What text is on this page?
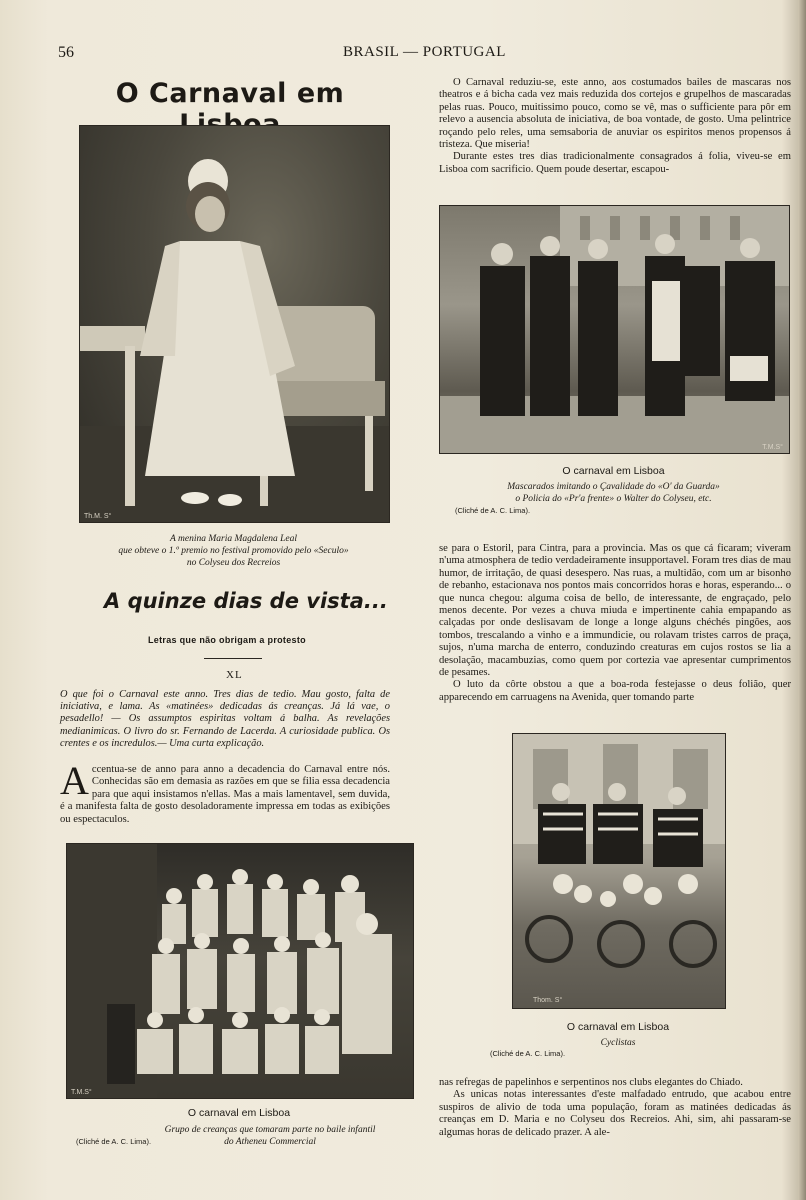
56	BRASIL — PORTUGAL
O Carnaval em
Th.M. S°
A menina Maria Magdalena Leal
que obteve o 1.º premio no festival promovido pelo «Seculo»
no Colyseu dos Recreios
A quinze dias de vista...
Letras que não obrigam a protesto
XL
O que foi o Carnaval este anno. Tres dias de tedio. Mau gosto, falta de iniciativa, e lama. As «matinées» dedicadas ás creanças. Já lá vae, o pesadello! — Os assumptos espiritas voltam á balha. As revelações medianimicas. O livro do sr. Fernando de Lacerda. A curiosidade publica. Os crentes e os incredulos.— Uma curta explicação.
Accentua-se de anno para anno a decadencia do Carnaval entre nós. Conhecidas são em demasia as razões em que se filia essa decadencia para que aqui insistamos n'ellas. Mas a mais lamentavel, sem duvida, é a manifesta falta de gosto desoladoramente impressa em todas as exibições ou espectaculos.
T.M.S°
O carnaval em Lisboa
Grupo de creanças que tomaram parte no baile infantil
do Atheneu Commercial
(Cliché de A. C. Lima).

O Carnaval reduziu-se, este anno, aos costumados bailes de mascaras nos theatros e á bicha cada vez mais reduzida dos cortejos e grupelhos de mascaradas pelas ruas. Pouco, muitissimo pouco, como se vê, mas o sufficiente para pôr em relevo a ausencia absoluta de iniciativa, de boa vontade, de gosto. Uma pelintrice roçando pelo reles, uma semsaboria de anuviar os espiritos menos propensos á tristeza. Que miseria!

Durante estes tres dias tradicionalmente consagrados á folia, viveu-se em Lisboa com sacrificio. Quem poude desertar, escapou-

T.M.S°
O carnaval em Lisboa
Mascarados imitando o Çavalidade do «O' da Guarda»
o Policia do «Pr'a frente» o Walter do Colyseu, etc.
(Cliché de A. C. Lima).

se para o Estoril, para Cintra, para a provincia. Mas os que cá ficaram; viveram n'uma atmosphera de tedio verdadeiramente insupportavel. Foram tres dias de mau humor, de irritação, de quasi desespero. Nas ruas, a multidão, com um ar bisonho de rebanho, estacionava nos pontos mais concorridos horas e horas, esperando... o que nunca chegou: alguma coisa de bello, de interessante, de engraçado, pelo menos decente. Por vezes a chuva miuda e impertinente cahia empapando as calçadas por onde deslisavam de longe a longe alguns chéchés pingões, aos tombos, trescalando a vinho e a immundicie, ou rolavam tristes carros de praça, sujos, n'uma marcha de enterro, conduzindo creaturas em cujos rostos se lia a desolação, macambuzias, como quem por cortezia vae apresentar cumprimentos de pesames.

O luto da côrte obstou a que a boa-roda festejasse o deus folião, quer apparecendo em carruagens na Avenida, quer tomando parte

Thom. S°
O carnaval em Lisboa
Cyclistas
(Cliché de A. C. Lima).

nas refregas de papelinhos e serpentinos nos clubs elegantes do Chiado.

As unicas notas interessantes d'este malfadado entrudo, que acabou entre suspiros de alivio de toda uma população, foram as matinées dedicadas ás creanças em D. Maria e no Colyseu dos Recreios. Ahi, sim, ahi passaram-se algumas horas de delicado prazer. A ale-
